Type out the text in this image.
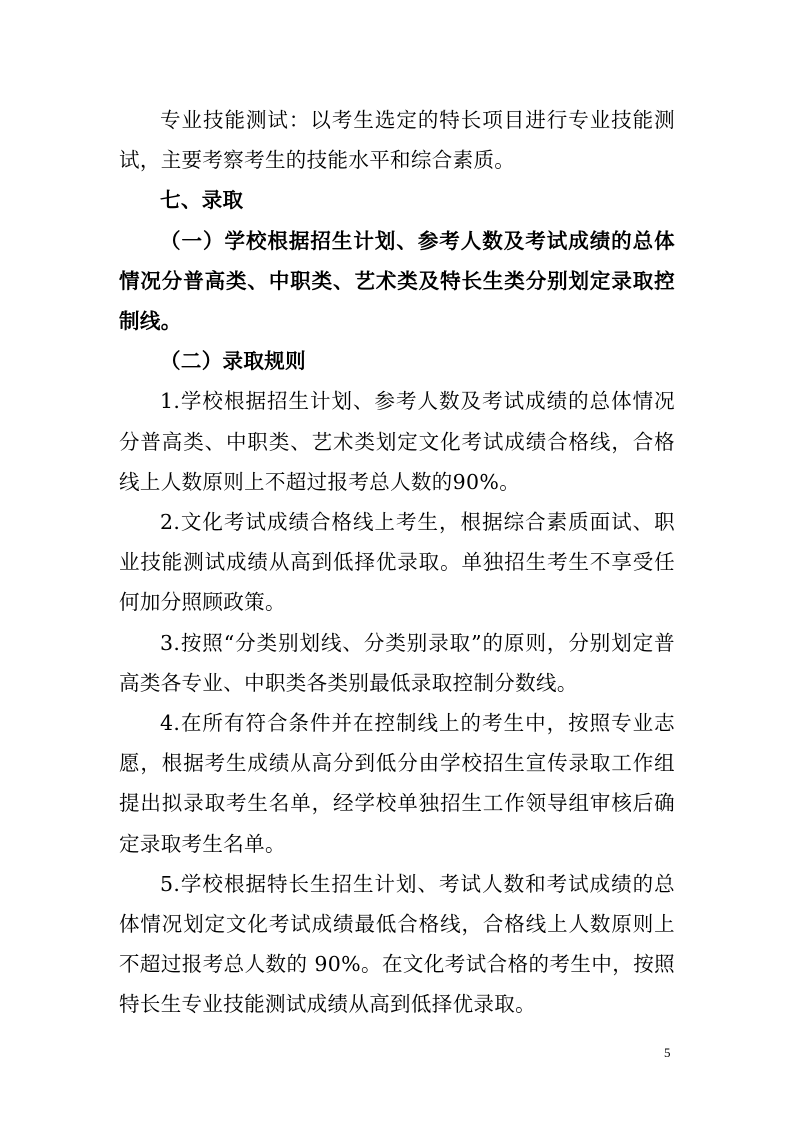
专业技能测试：以考生选定的特长项目进行专业技能测试，主要考察考生的技能水平和综合素质。

七、录取

（一）学校根据招生计划、参考人数及考试成绩的总体情况分普高类、中职类、艺术类及特长生类分别划定录取控制线。

（二）录取规则

1.学校根据招生计划、参考人数及考试成绩的总体情况分普高类、中职类、艺术类划定文化考试成绩合格线，合格线上人数原则上不超过报考总人数的90%。

2.文化考试成绩合格线上考生，根据综合素质面试、职业技能测试成绩从高到低择优录取。单独招生考生不享受任何加分照顾政策。

3.按照“分类别划线、分类别录取”的原则，分别划定普高类各专业、中职类各类别最低录取控制分数线。

4.在所有符合条件并在控制线上的考生中，按照专业志愿，根据考生成绩从高分到低分由学校招生宣传录取工作组提出拟录取考生名单，经学校单独招生工作领导组审核后确定录取考生名单。

5.学校根据特长生招生计划、考试人数和考试成绩的总体情况划定文化考试成绩最低合格线，合格线上人数原则上不超过报考总人数的 90%。在文化考试合格的考生中，按照特长生专业技能测试成绩从高到低择优录取。

5
